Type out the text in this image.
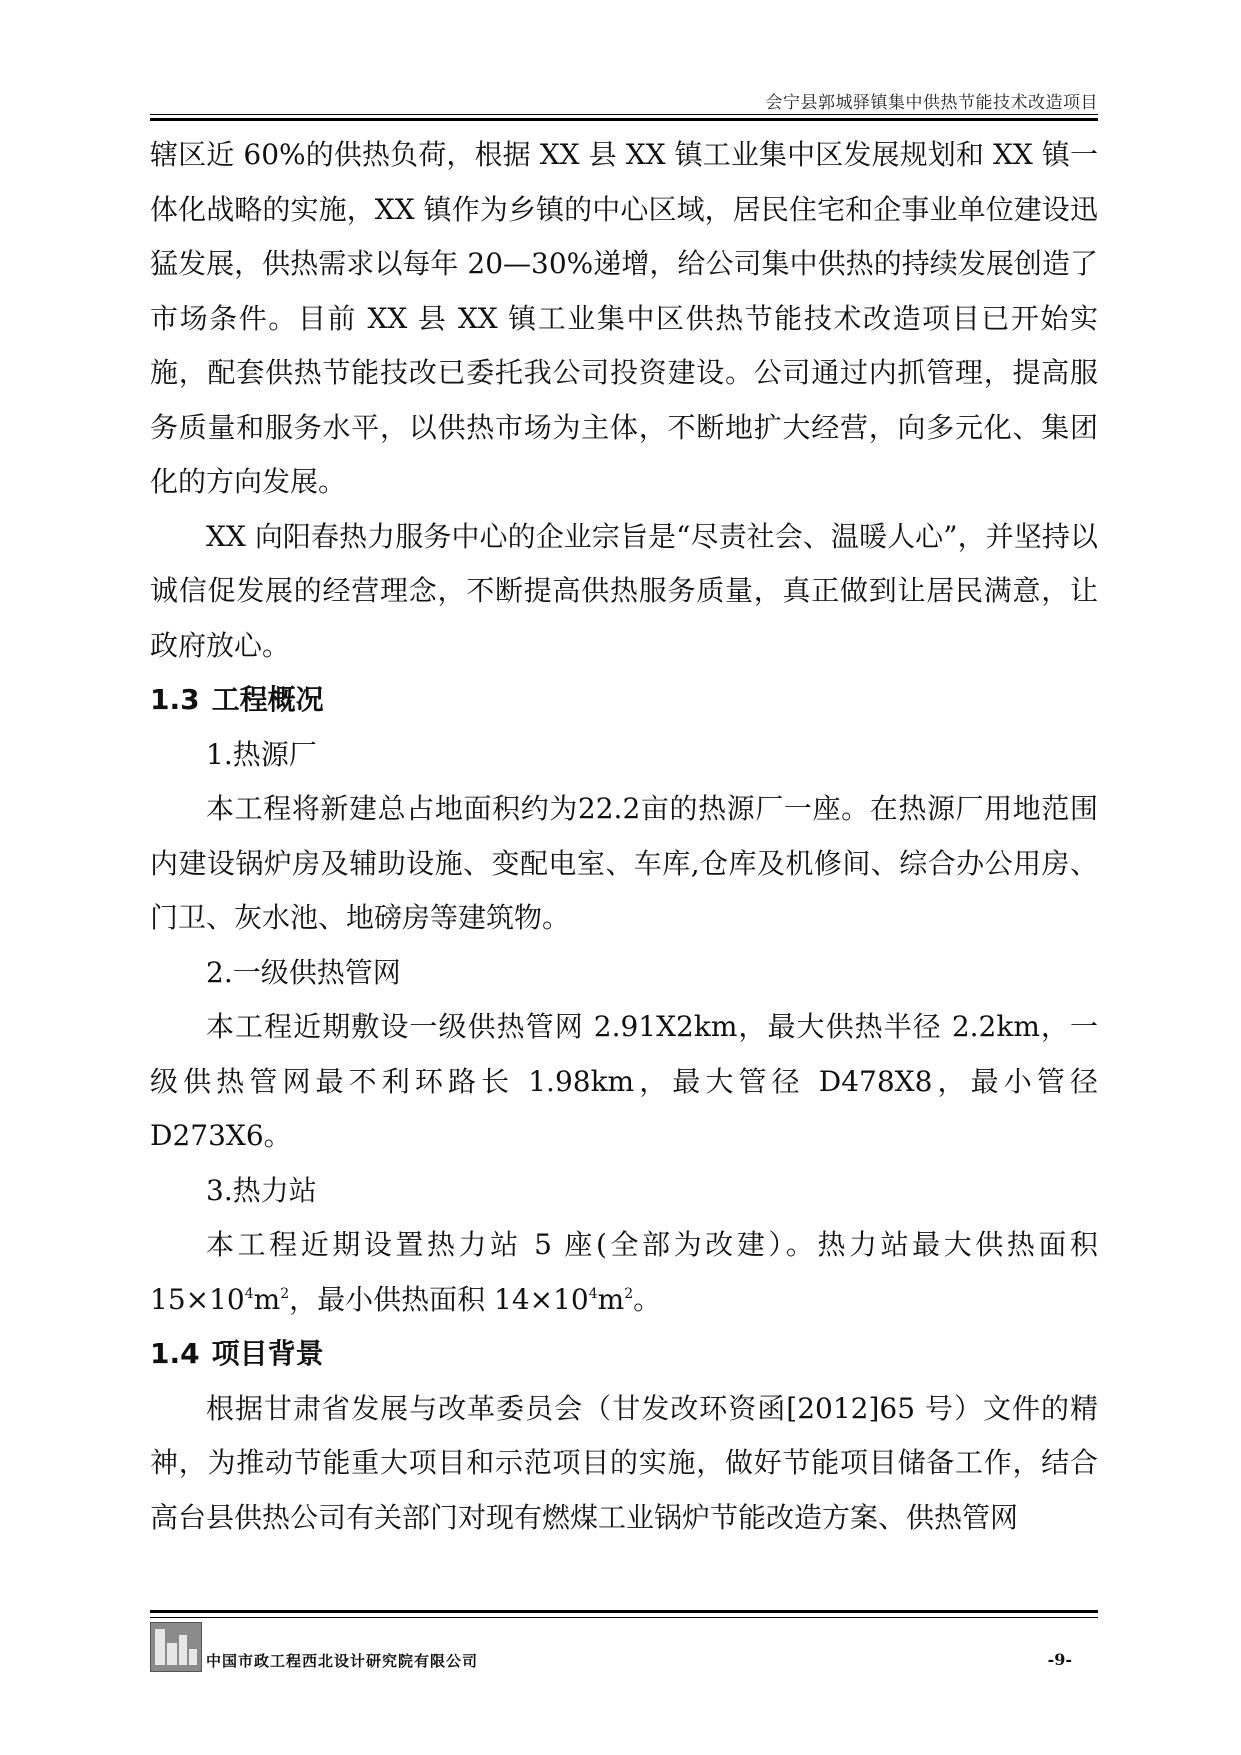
会宁县郭城驿镇集中供热节能技术改造项目

辖区近 60%的供热负荷，根据 XX 县 XX 镇工业集中区发展规划和 XX 镇一体化战略的实施，XX 镇作为乡镇的中心区域，居民住宅和企事业单位建设迅猛发展，供热需求以每年 20—30%递增，给公司集中供热的持续发展创造了市场条件。目前 XX 县 XX 镇工业集中区供热节能技术改造项目已开始实施，配套供热节能技改已委托我公司投资建设。公司通过内抓管理，提高服务质量和服务水平，以供热市场为主体，不断地扩大经营，向多元化、集团化的方向发展。

XX 向阳春热力服务中心的企业宗旨是“尽责社会、温暖人心”，并坚持以诚信促发展的经营理念，不断提高供热服务质量，真正做到让居民满意，让政府放心。

1.3 工程概况

1.热源厂

本工程将新建总占地面积约为22.2亩的热源厂一座。在热源厂用地范围内建设锅炉房及辅助设施、变配电室、车库,仓库及机修间、综合办公用房、门卫、灰水池、地磅房等建筑物。

2.一级供热管网

本工程近期敷设一级供热管网 2.91X2km，最大供热半径 2.2km，一级供热管网最不利环路长 1.98km，最大管径 D478X8，最小管径 D273X6。

3.热力站

本工程近期设置热力站 5 座(全部为改建）。热力站最大供热面积 $15\times 10^4m^2$，最小供热面积 $14\times 10^4m^2$。

1.4 项目背景

根据甘肃省发展与改革委员会（甘发改环资函[2012]65 号）文件的精神，为推动节能重大项目和示范项目的实施，做好节能项目储备工作，结合高台县供热公司有关部门对现有燃煤工业锅炉节能改造方案、供热管网

中国市政工程西北设计研究院有限公司	-9-
